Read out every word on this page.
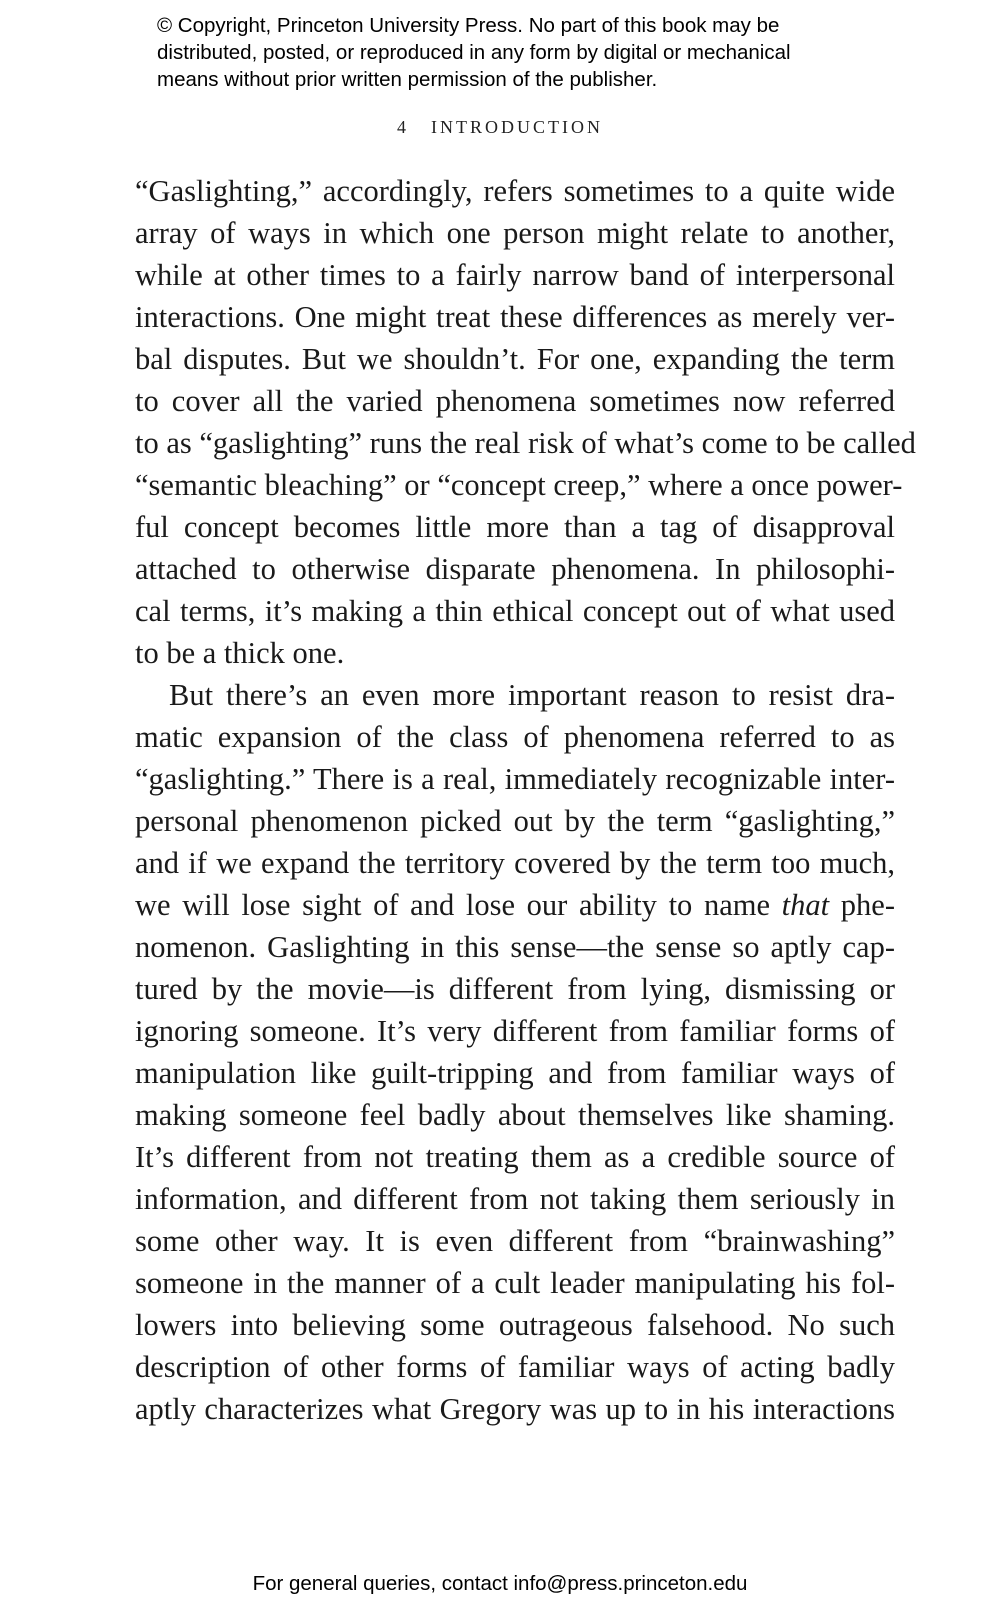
© Copyright, Princeton University Press. No part of this book may be
distributed, posted, or reproduced in any form by digital or mechanical
means without prior written permission of the publisher.
4 INTRODUCTION
“Gaslighting,” accordingly, refers sometimes to a quite wide
array of ways in which one person might relate to another,
while at other times to a fairly narrow band of interpersonal
interactions. One might treat these differences as merely ver-
bal disputes. But we shouldn’t. For one, expanding the term
to cover all the varied phenomena sometimes now referred
to as “gaslighting” runs the real risk of what’s come to be called
“semantic bleaching” or “concept creep,” where a once power-
ful concept becomes little more than a tag of disapproval
attached to otherwise disparate phenomena. In philosophi-
cal terms, it’s making a thin ethical concept out of what used
to be a thick one.
But there’s an even more important reason to resist dra-
matic expansion of the class of phenomena referred to as
“gaslighting.” There is a real, immediately recognizable inter-
personal phenomenon picked out by the term “gaslighting,”
and if we expand the territory covered by the term too much,
we will lose sight of and lose our ability to name that phe-
nomenon. Gaslighting in this sense—the sense so aptly cap-
tured by the movie—is different from lying, dismissing or
ignoring someone. It’s very different from familiar forms of
manipulation like guilt-tripping and from familiar ways of
making someone feel badly about themselves like shaming.
It’s different from not treating them as a credible source of
information, and different from not taking them seriously in
some other way. It is even different from “brainwashing”
someone in the manner of a cult leader manipulating his fol-
lowers into believing some outrageous falsehood. No such
description of other forms of familiar ways of acting badly
aptly characterizes what Gregory was up to in his interactions
For general queries, contact info@press.princeton.edu
